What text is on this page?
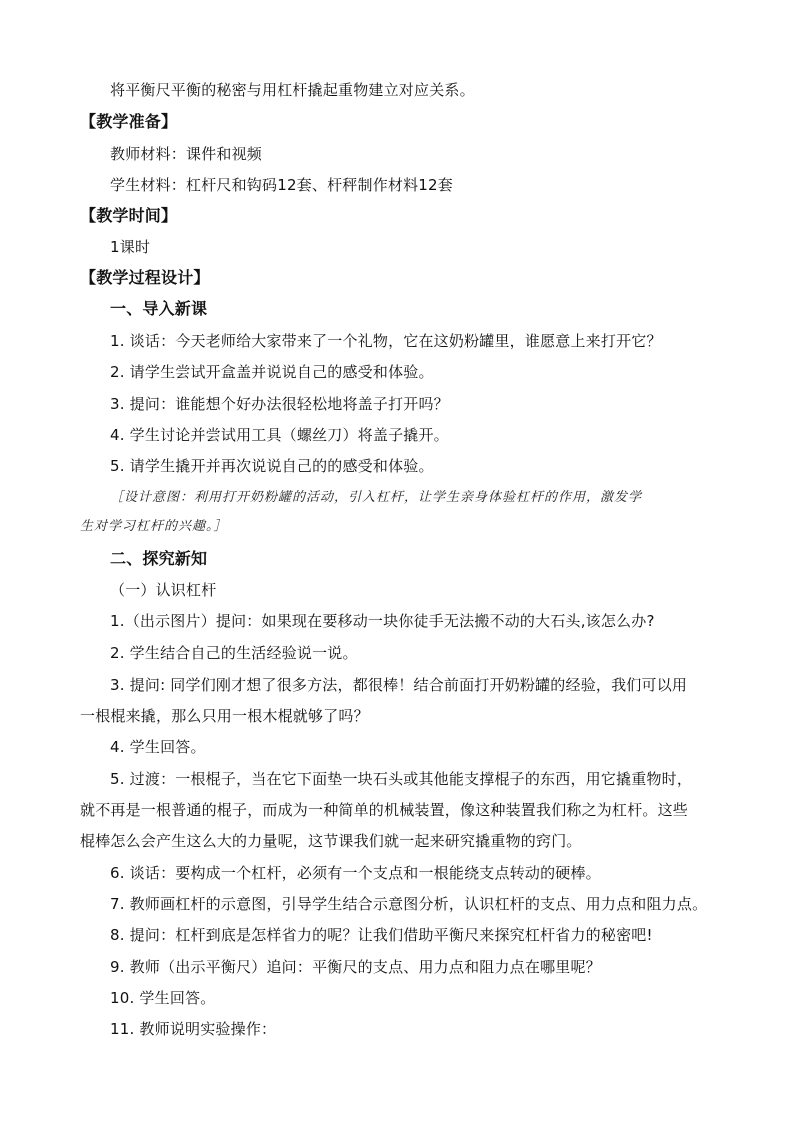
将平衡尺平衡的秘密与用杠杆撬起重物建立对应关系。
【教学准备】
教师材料：课件和视频
学生材料：杠杆尺和钩码12套、杆秤制作材料12套
【教学时间】
1课时
【教学过程设计】
一、导入新课
1. 谈话：今天老师给大家带来了一个礼物，它在这奶粉罐里，谁愿意上来打开它？
2. 请学生尝试开盒盖并说说自己的感受和体验。
3. 提问：谁能想个好办法很轻松地将盖子打开吗？
4. 学生讨论并尝试用工具（螺丝刀）将盖子撬开。
5. 请学生撬开并再次说说自己的的感受和体验。
［设计意图：利用打开奶粉罐的活动，引入杠杆，让学生亲身体验杠杆的作用，激发学
生对学习杠杆的兴趣。］
二、探究新知
（一）认识杠杆
1.（出示图片）提问：如果现在要移动一块你徒手无法搬不动的大石头,该怎么办?
2. 学生结合自己的生活经验说一说。
3. 提问: 同学们刚才想了很多方法，都很棒！结合前面打开奶粉罐的经验，我们可以用
一根棍来撬，那么只用一根木棍就够了吗？
4. 学生回答。
5. 过渡：一根棍子，当在它下面垫一块石头或其他能支撑棍子的东西，用它撬重物时，
就不再是一根普通的棍子，而成为一种简单的机械装置，像这种装置我们称之为杠杆。这些
棍棒怎么会产生这么大的力量呢，这节课我们就一起来研究撬重物的窍门。
6. 谈话：要构成一个杠杆，必须有一个支点和一根能绕支点转动的硬棒。
7. 教师画杠杆的示意图，引导学生结合示意图分析，认识杠杆的支点、用力点和阻力点。
8. 提问：杠杆到底是怎样省力的呢？让我们借助平衡尺来探究杠杆省力的秘密吧!
9. 教师（出示平衡尺）追问：平衡尺的支点、用力点和阻力点在哪里呢？
10. 学生回答。
11. 教师说明实验操作：
